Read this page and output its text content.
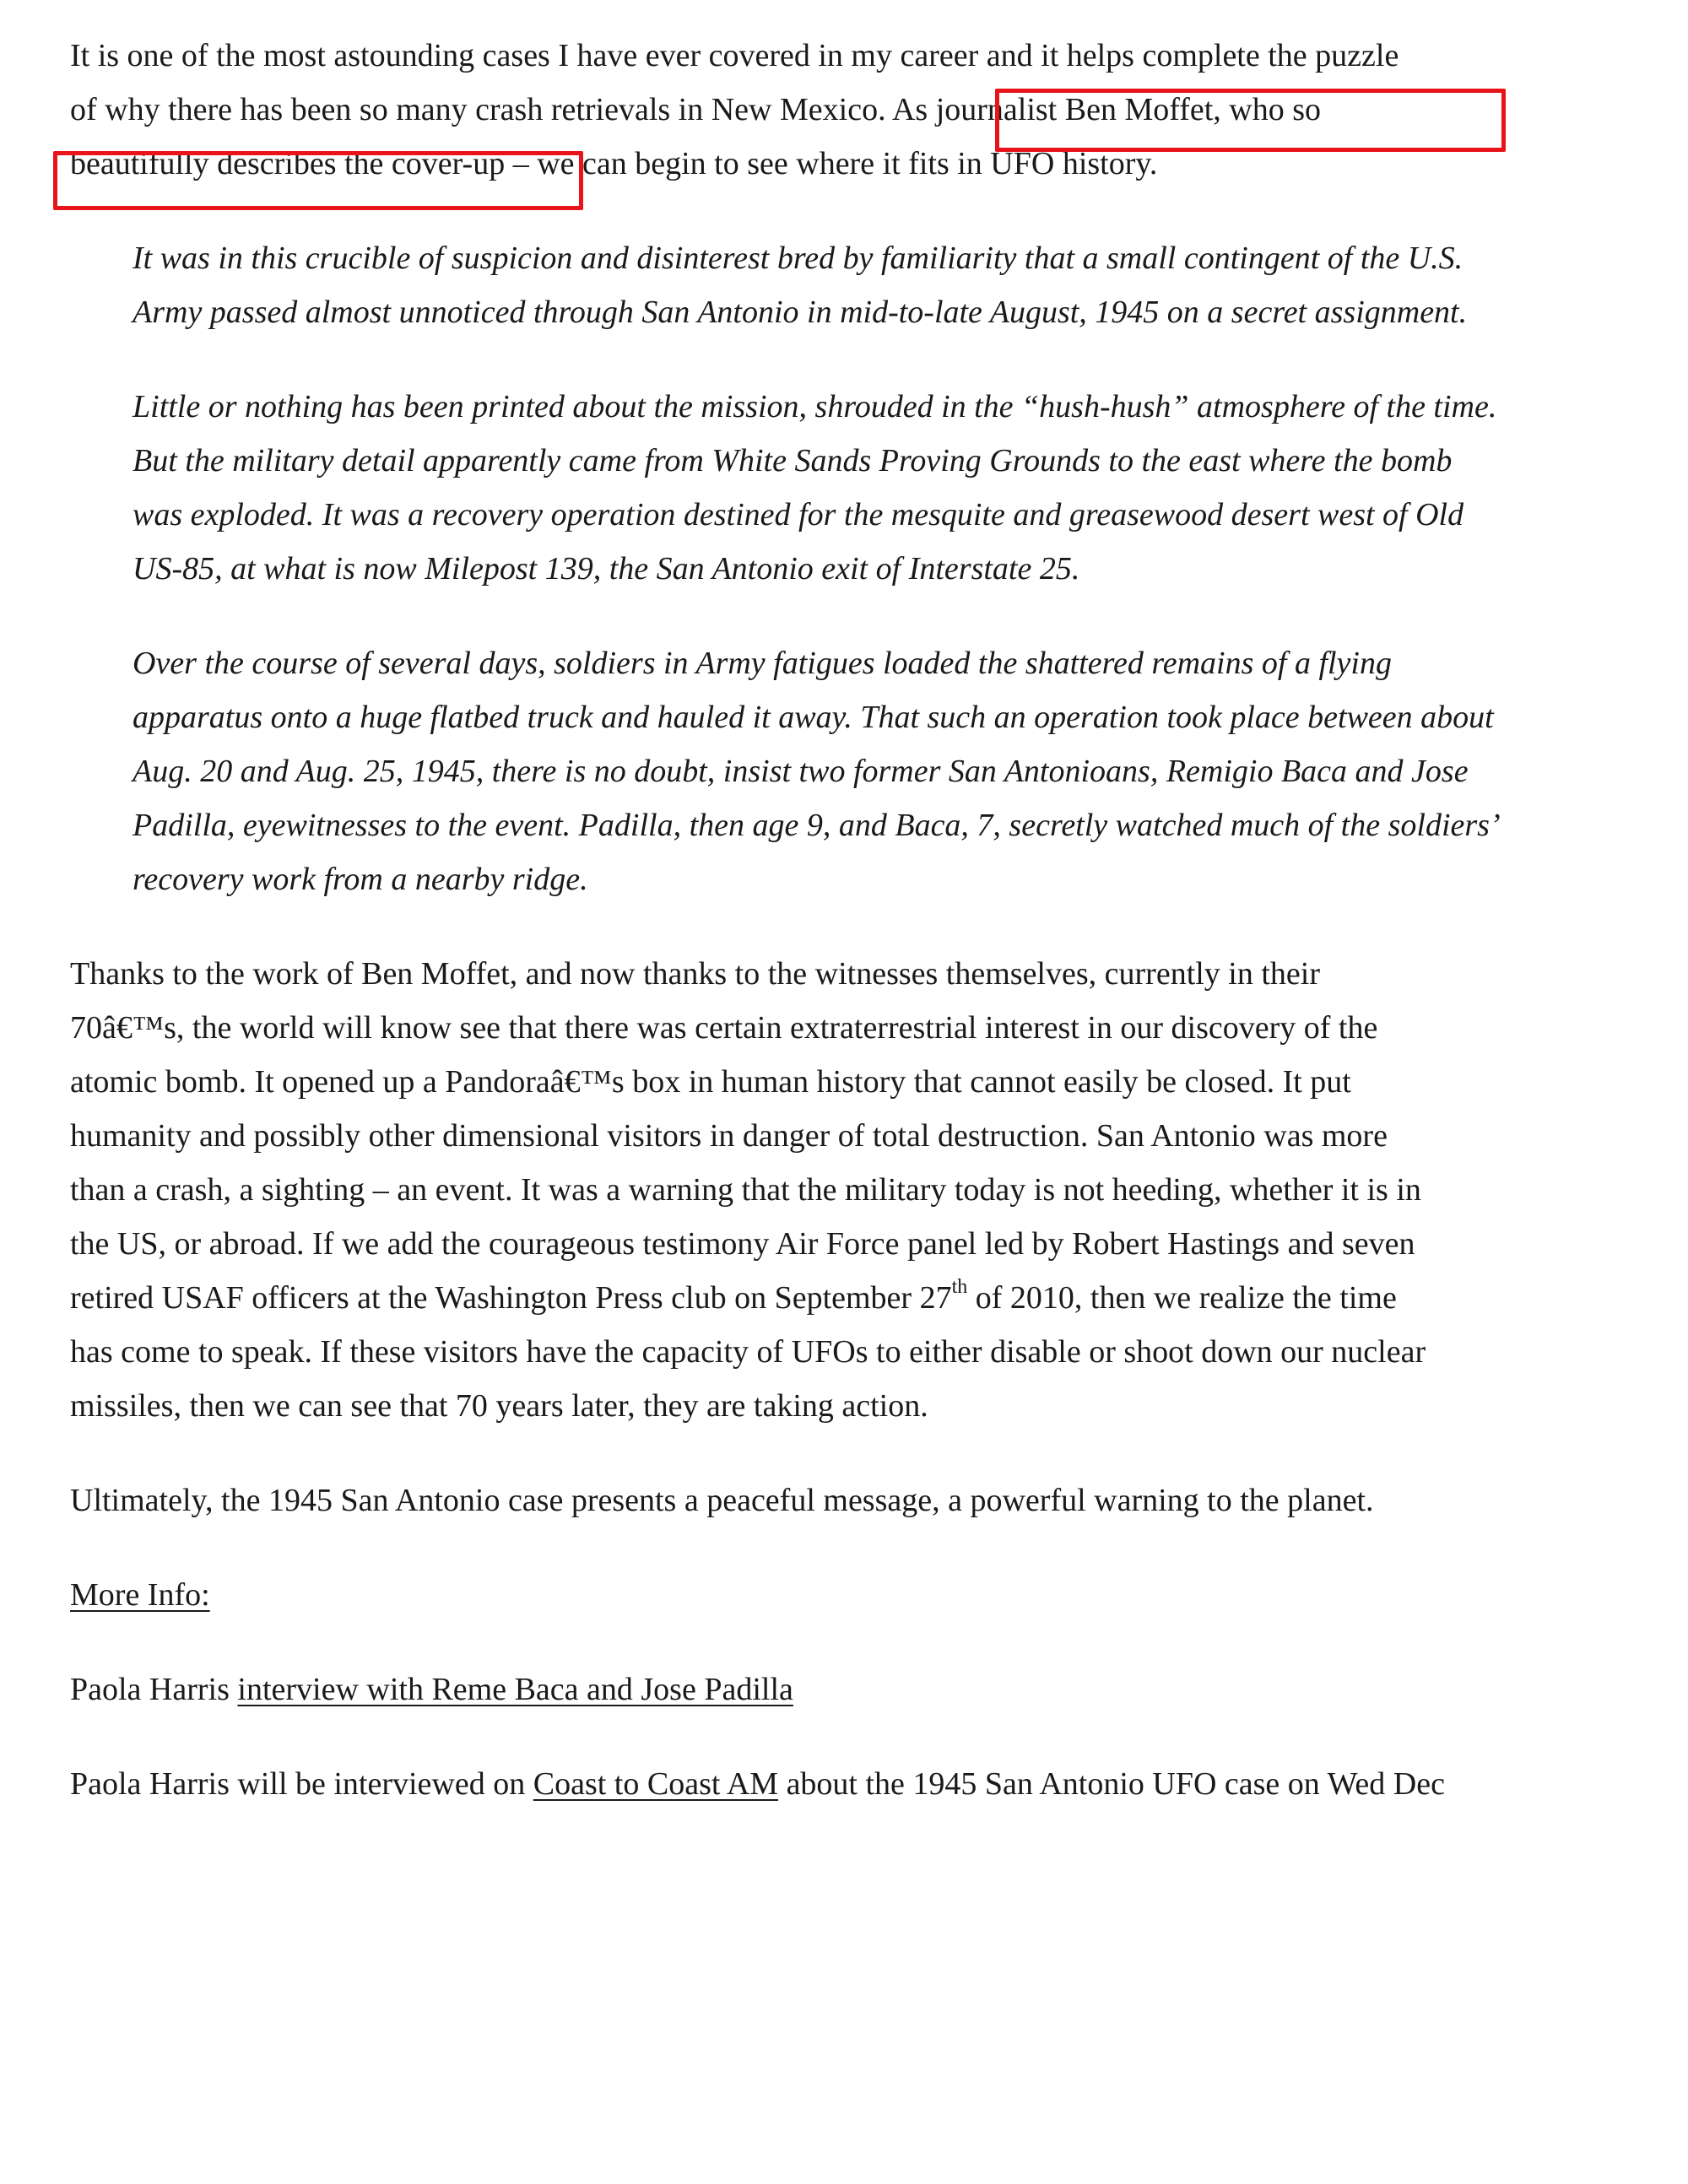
It is one of the most astounding cases I have ever covered in my career and it helps complete the puzzle
of why there has been so many crash retrievals in New Mexico. As journalist Ben Moffet, who so
beautifully describes the cover-up – we can begin to see where it fits in UFO history.

It was in this crucible of suspicion and disinterest bred by familiarity that a small contingent of the U.S.
Army passed almost unnoticed through San Antonio in mid-to-late August, 1945 on a secret assignment.
Little or nothing has been printed about the mission, shrouded in the “hush-hush” atmosphere of the time.
But the military detail apparently came from White Sands Proving Grounds to the east where the bomb
was exploded. It was a recovery operation destined for the mesquite and greasewood desert west of Old
US-85, at what is now Milepost 139, the San Antonio exit of Interstate 25.
Over the course of several days, soldiers in Army fatigues loaded the shattered remains of a flying
apparatus onto a huge flatbed truck and hauled it away. That such an operation took place between about
Aug. 20 and Aug. 25, 1945, there is no doubt, insist two former San Antonioans, Remigio Baca and Jose
Padilla, eyewitnesses to the event. Padilla, then age 9, and Baca, 7, secretly watched much of the soldiers’
recovery work from a nearby ridge.

Thanks to the work of Ben Moffet, and now thanks to the witnesses themselves, currently in their
70â€™s, the world will know see that there was certain extraterrestrial interest in our discovery of the
atomic bomb. It opened up a Pandoraâ€™s box in human history that cannot easily be closed. It put
humanity and possibly other dimensional visitors in danger of total destruction. San Antonio was more
than a crash, a sighting – an event. It was a warning that the military today is not heeding, whether it is in
the US, or abroad. If we add the courageous testimony Air Force panel led by Robert Hastings and seven
retired USAF officers at the Washington Press club on September 27th of 2010, then we realize the time
has come to speak. If these visitors have the capacity of UFOs to either disable or shoot down our nuclear
missiles, then we can see that 70 years later, they are taking action.

Ultimately, the 1945 San Antonio case presents a peaceful message, a powerful warning to the planet.

More Info:

Paola Harris interview with Reme Baca and Jose Padilla

Paola Harris will be interviewed on Coast to Coast AM about the 1945 San Antonio UFO case on Wed Dec
